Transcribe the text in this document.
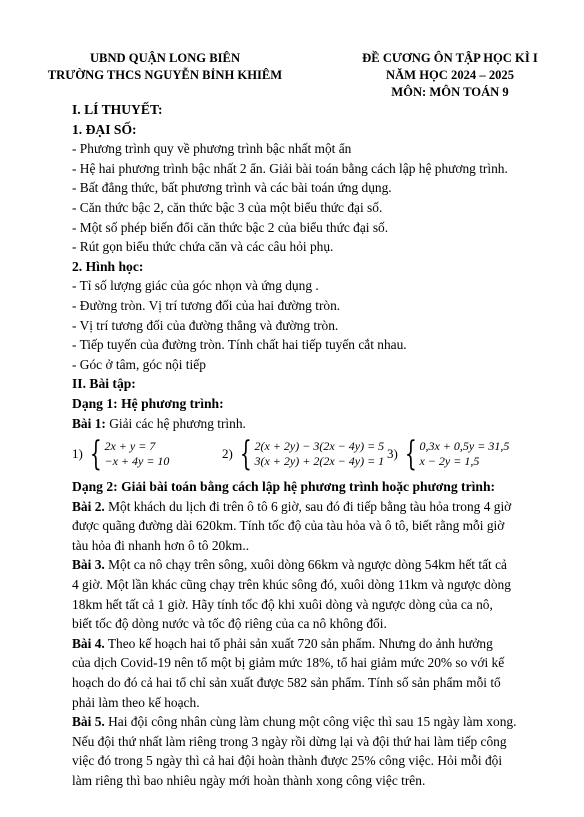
UBND QUẬN LONG BIÊN
TRƯỜNG THCS NGUYỄN BỈNH KHIÊM
ĐỀ CƯƠNG ÔN TẬP HỌC KÌ I
NĂM HỌC 2024 – 2025
MÔN: MÔN TOÁN 9
I. LÍ THUYẾT:
1. ĐẠI SỐ:
- Phương trình quy về phương trình bậc nhất một ẩn
- Hệ hai phương trình bậc nhất 2 ẩn. Giải bài toán bằng cách lập hệ phương trình.
- Bất đẳng thức, bất phương trình và các bài toán ứng dụng.
- Căn thức bậc 2, căn thức bậc 3 của một biểu thức đại số.
- Một số phép biến đổi căn thức bậc 2 của biểu thức đại số.
- Rút gọn biểu thức chứa căn và các câu hỏi phụ.
2. Hình học:
- Tỉ số lượng giác của góc nhọn và ứng dụng .
- Đường tròn. Vị trí tương đối của hai đường tròn.
- Vị trí tương đối của đường thẳng và đường tròn.
- Tiếp tuyến của đường tròn. Tính chất hai tiếp tuyến cắt nhau.
- Góc ở tâm, góc nội tiếp
II. Bài tập:
Dạng 1: Hệ phương trình:
Bài 1: Giải các hệ phương trình.
1) { 2x + y = 7
−x + 4y = 10	2) { 2(x + 2y) − 3(2x − 4y) = 5
3(x + 2y) + 2(2x − 4y) = 1 3) { 0,3x + 0,5y = 31,5
x − 2y = 1,5
Dạng 2: Giải bài toán bằng cách lập hệ phương trình hoặc phương trình:
Bài 2. Một khách du lịch đi trên ô tô 6 giờ, sau đó đi tiếp bằng tàu hỏa trong 4 giờ
được quãng đường dài 620km. Tính tốc độ của tàu hỏa và ô tô, biết rằng mỗi giờ
tàu hỏa đi nhanh hơn ô tô 20km..
Bài 3. Một ca nô chạy trên sông, xuôi dòng 66km và ngược dòng 54km hết tất cả
4 giờ. Một lần khác cũng chạy trên khúc sông đó, xuôi dòng 11km và ngược dòng
18km hết tất cả 1 giờ. Hãy tính tốc độ khi xuôi dòng và ngược dòng của ca nô,
biết tốc độ dòng nước và tốc độ riêng của ca nô không đổi.
Bài 4. Theo kế hoạch hai tổ phải sản xuất 720 sản phẩm. Nhưng do ảnh hưởng
của dịch Covid-19 nên tổ một bị giảm mức 18%, tổ hai giảm mức 20% so với kế
hoạch do đó cả hai tổ chỉ sản xuất được 582 sản phẩm. Tính số sản phẩm mỗi tổ
phải làm theo kế hoạch.
Bài 5. Hai đội công nhân cùng làm chung một công việc thì sau 15 ngày làm xong.
Nếu đội thứ nhất làm riêng trong 3 ngày rồi dừng lại và đội thứ hai làm tiếp công
việc đó trong 5 ngày thì cả hai đội hoàn thành được 25% công việc. Hỏi mỗi đội
làm riêng thì bao nhiêu ngày mới hoàn thành xong công việc trên.
